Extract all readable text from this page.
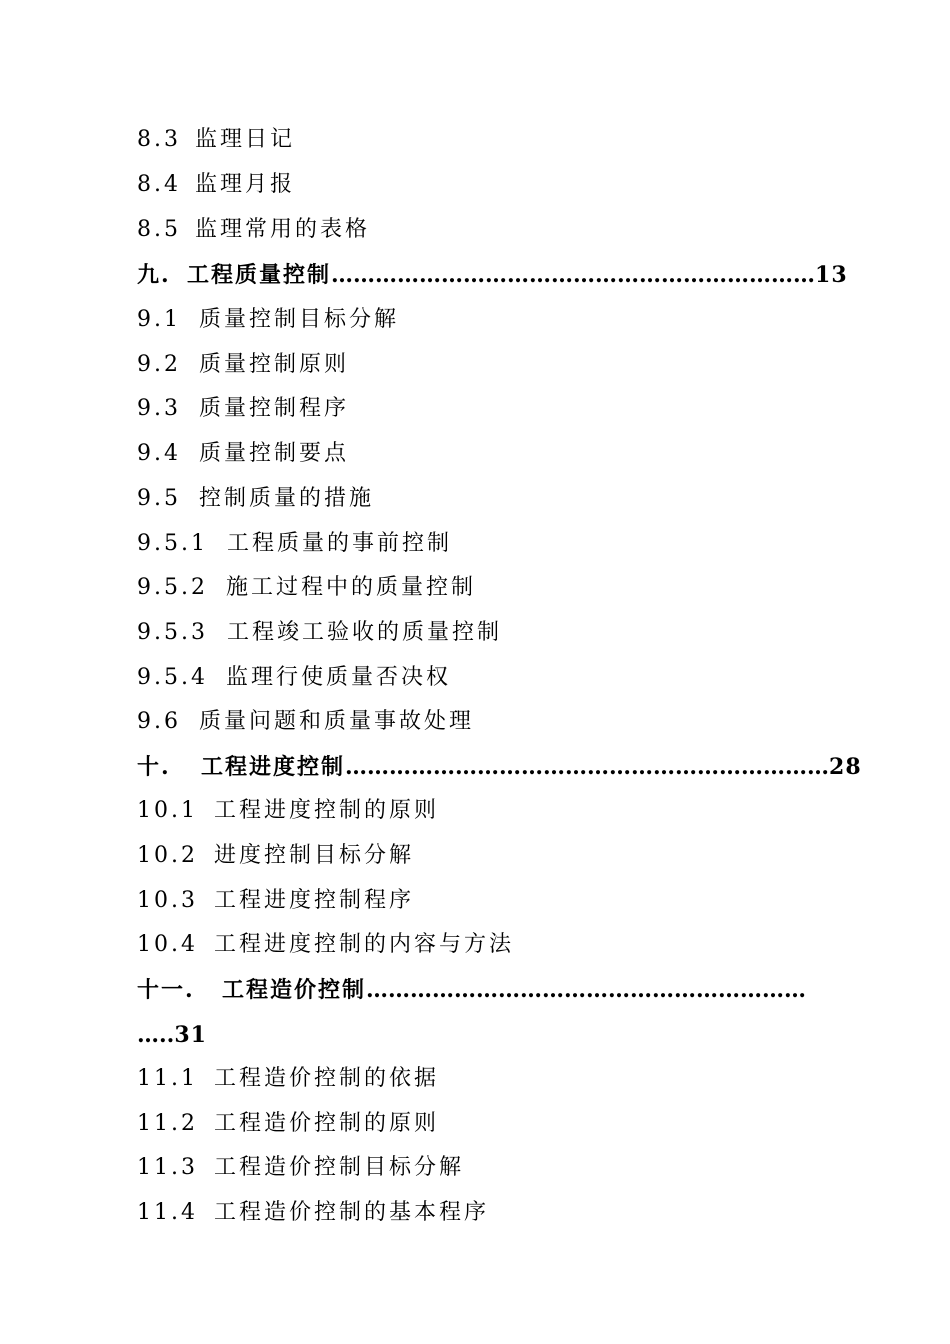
8.3 监理日记
8.4 监理月报
8.5 监理常用的表格
九. 工程质量控制…………………………………………………………13
9.1 质量控制目标分解
9.2 质量控制原则
9.3 质量控制程序
9.4 质量控制要点
9.5 控制质量的措施
9.5.1 工程质量的事前控制
9.5.2 施工过程中的质量控制
9.5.3 工程竣工验收的质量控制
9.5.4 监理行使质量否决权
9.6 质量问题和质量事故处理
十. 工程进度控制…………………………………………………………28
10.1 工程进度控制的原则
10.2 进度控制目标分解
10.3 工程进度控制程序
10.4 工程进度控制的内容与方法
十一. 工程造价控制……………………………………………………
…..31
11.1 工程造价控制的依据
11.2 工程造价控制的原则
11.3 工程造价控制目标分解
11.4 工程造价控制的基本程序
